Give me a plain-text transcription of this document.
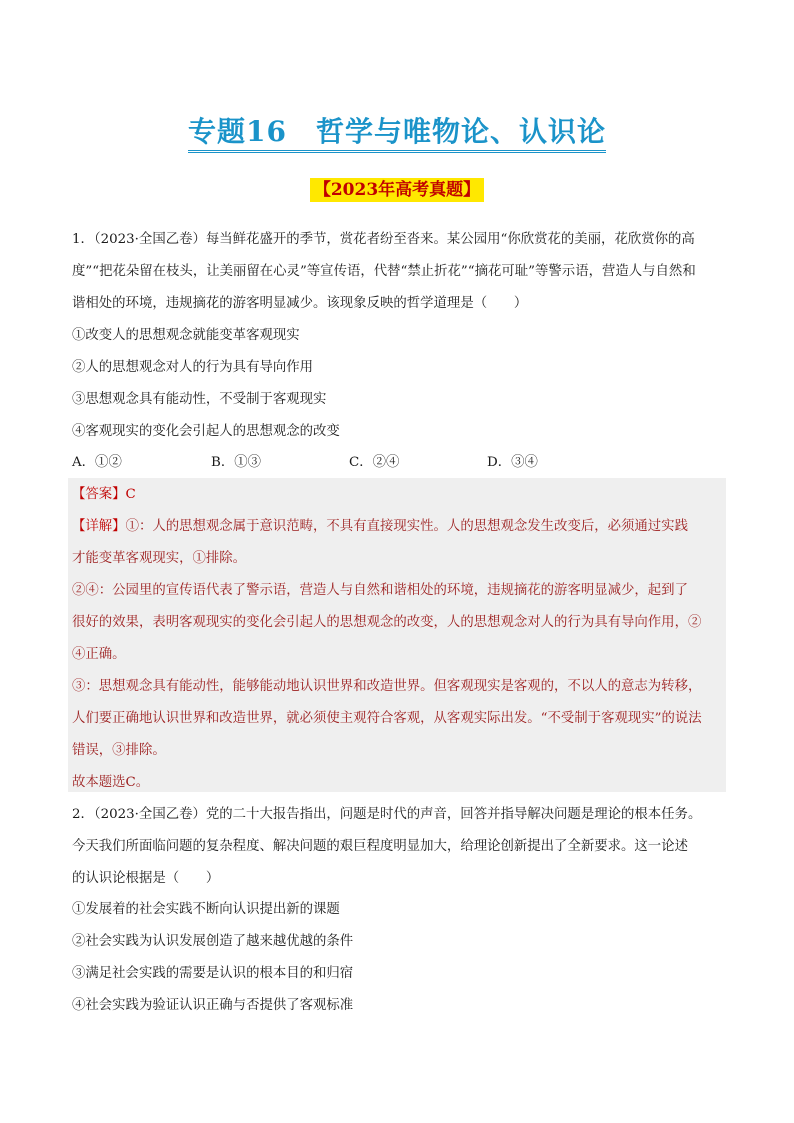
专题16　哲学与唯物论、认识论
【2023年高考真题】
1．（2023·全国乙卷）每当鲜花盛开的季节，赏花者纷至沓来。某公园用“你欣赏花的美丽，花欣赏你的高
度”“把花朵留在枝头，让美丽留在心灵”等宣传语，代替“禁止折花”“摘花可耻”等警示语，营造人与自然和
谐相处的环境，违规摘花的游客明显减少。该现象反映的哲学道理是（　　）
①改变人的思想观念就能变革客观现实
②人的思想观念对人的行为具有导向作用
③思想观念具有能动性，不受制于客观现实
④客观现实的变化会引起人的思想观念的改变
A．①②	B．①③	C．②④	D．③④
【答案】C
【详解】①：人的思想观念属于意识范畴，不具有直接现实性。人的思想观念发生改变后，必须通过实践
才能变革客观现实，①排除。
②④：公园里的宣传语代表了警示语，营造人与自然和谐相处的环境，违规摘花的游客明显减少，起到了
很好的效果，表明客观现实的变化会引起人的思想观念的改变，人的思想观念对人的行为具有导向作用，②
④正确。
③：思想观念具有能动性，能够能动地认识世界和改造世界。但客观现实是客观的，不以人的意志为转移，
人们要正确地认识世界和改造世界，就必须使主观符合客观，从客观实际出发。“不受制于客观现实”的说法
错误，③排除。
故本题选C。
2．（2023·全国乙卷）党的二十大报告指出，问题是时代的声音，回答并指导解决问题是理论的根本任务。
今天我们所面临问题的复杂程度、解决问题的艰巨程度明显加大，给理论创新提出了全新要求。这一论述
的认识论根据是（　　）
①发展着的社会实践不断向认识提出新的课题
②社会实践为认识发展创造了越来越优越的条件
③满足社会实践的需要是认识的根本目的和归宿
④社会实践为验证认识正确与否提供了客观标准
